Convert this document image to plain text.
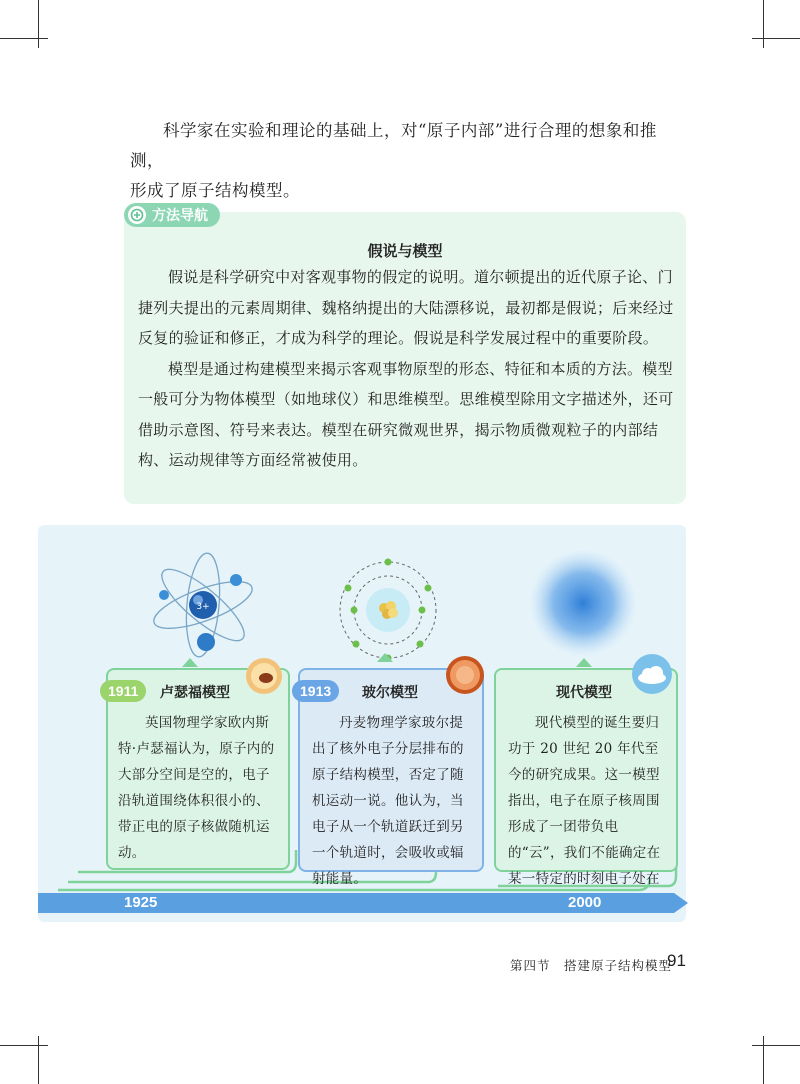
科学家在实验和理论的基础上，对“原子内部”进行合理的想象和推测，

形成了原子结构模型。

方法导航
假说与模型

假说是科学研究中对客观事物的假定的说明。道尔顿提出的近代原子论、门捷列夫提出的元素周期律、魏格纳提出的大陆漂移说，最初都是假说；后来经过反复的验证和修正，才成为科学的理论。假说是科学发展过程中的重要阶段。

模型是通过构建模型来揭示客观事物原型的形态、特征和本质的方法。模型一般可分为物体模型（如地球仪）和思维模型。思维模型除用文字描述外，还可借助示意图、符号来表达。模型在研究微观世界，揭示物质微观粒子的内部结构、运动规律等方面经常被使用。

3+
1911	卢瑟福模型

英国物理学家欧内斯特·卢瑟福认为，原子内的大部分空间是空的，电子沿轨道围绕体积很小的、带正电的原子核做随机运动。

1913	玻尔模型

丹麦物理学家玻尔提出了核外电子分层排布的原子结构模型，否定了随机运动一说。他认为，当电子从一个轨道跃迁到另一个轨道时，会吸收或辐射能量。

现代模型

现代模型的诞生要归功于 20 世纪 20 年代至今的研究成果。这一模型指出，电子在原子核周围形成了一团带负电的“云”，我们不能确定在某一特定的时刻电子处在

1925	2000
第四节　搭建原子结构模型
91
